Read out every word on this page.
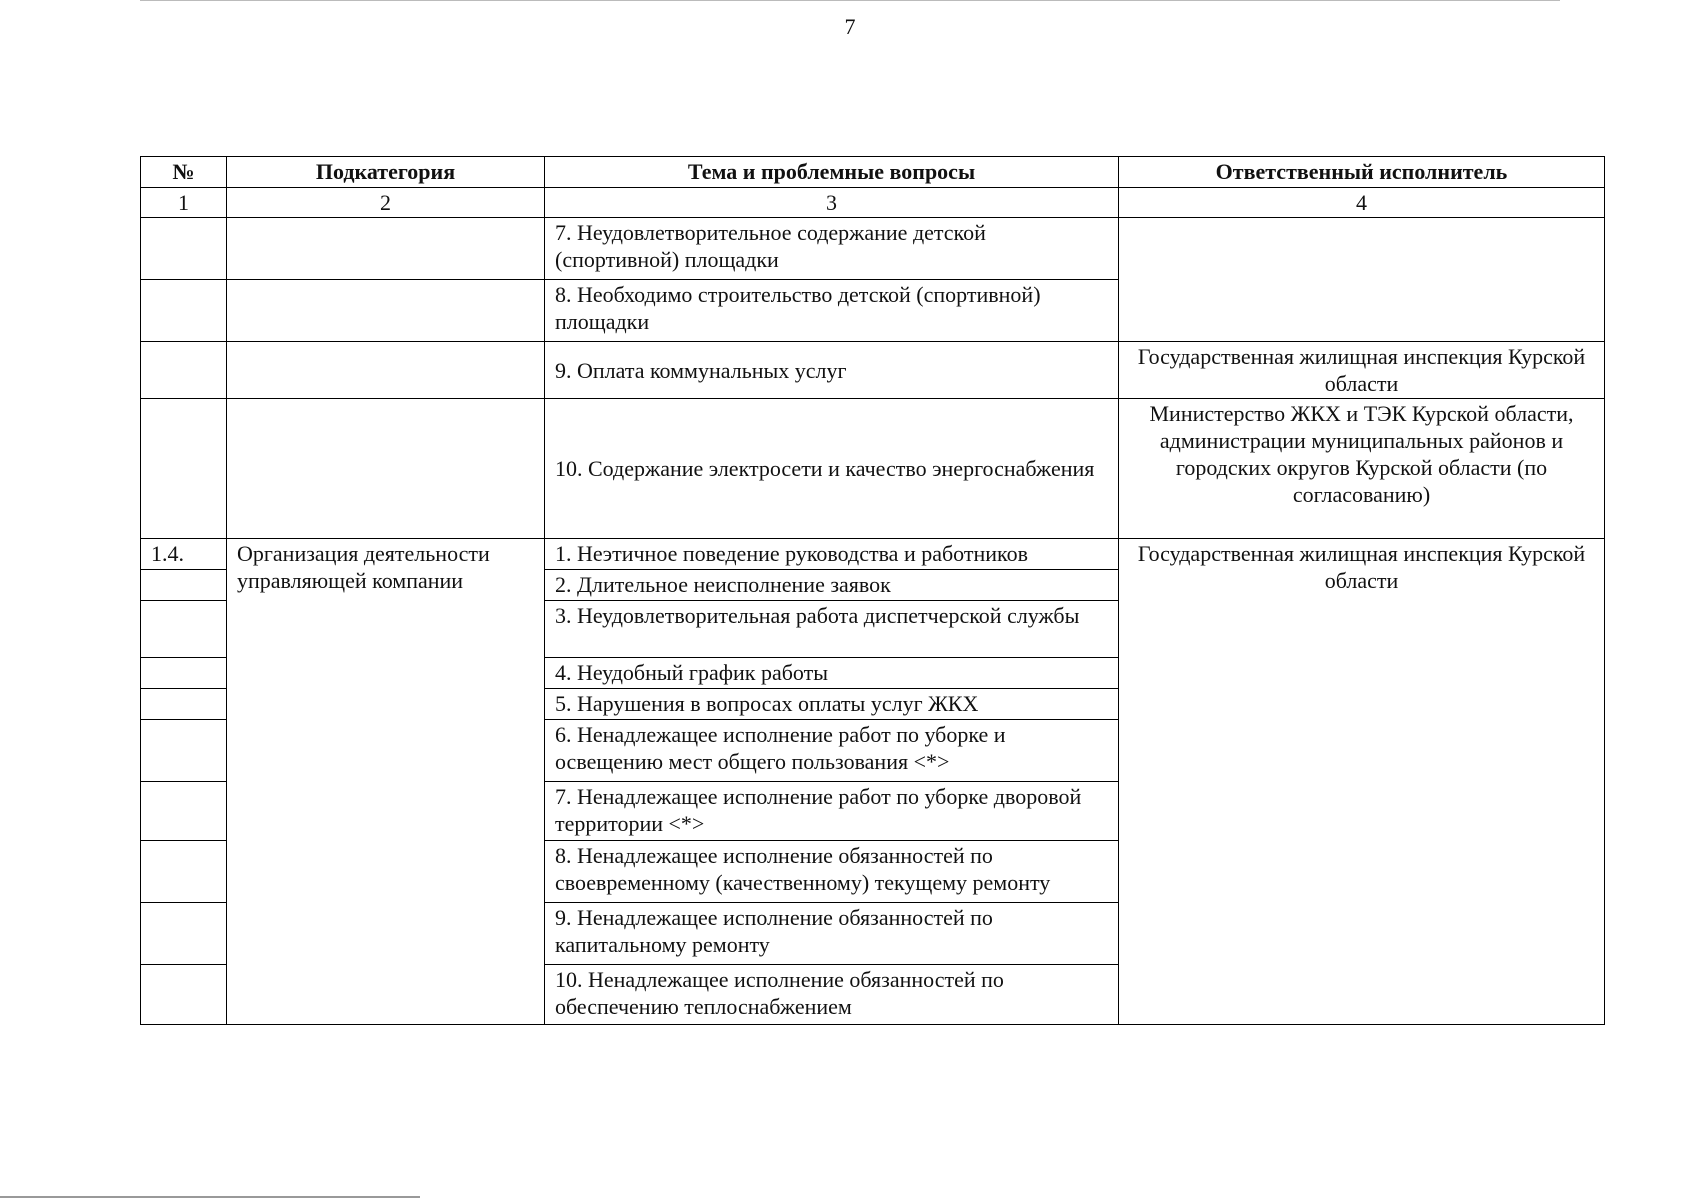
7
№	Подкатегория	Тема и проблемные вопросы	Ответственный исполнитель
1	2	3	4
		7. Неудовлетворительное содержание детской (спортивной) площадки	
		8. Необходимо строительство детской (спортивной) площадки	
		9. Оплата коммунальных услуг	Государственная жилищная инспекция Курской области
		10. Содержание электросети и качество энергоснабжения	Министерство ЖКХ и ТЭК Курской области, администрации муниципальных районов и городских округов Курской области (по согласованию)
1.4.	Организация деятельности управляющей компании	1. Неэтичное поведение руководства и работников	Государственная жилищная инспекция Курской области
		2. Длительное неисполнение заявок	
		3. Неудовлетворительная работа диспетчерской службы	
		4. Неудобный график работы	
		5. Нарушения в вопросах оплаты услуг ЖКХ	
		6. Ненадлежащее исполнение работ по уборке и освещению мест общего пользования <*>	
		7. Ненадлежащее исполнение работ по уборке дворовой территории <*>	
		8. Ненадлежащее исполнение обязанностей по своевременному (качественному) текущему ремонту	
		9. Ненадлежащее исполнение обязанностей по капитальному ремонту	
		10. Ненадлежащее исполнение обязанностей по обеспечению теплоснабжением	
